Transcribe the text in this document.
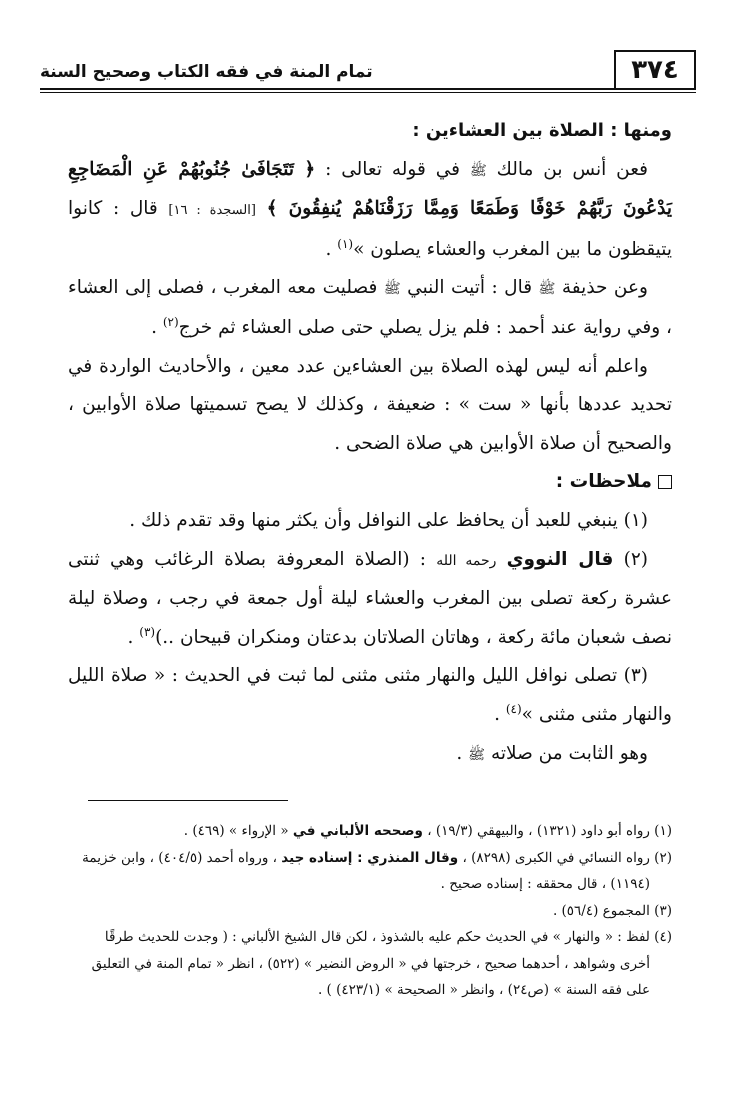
٣٧٤
تمام المنة في فقه الكتاب وصحيح السنة

ومنها : الصلاة بين العشاءين :

فعن أنس بن مالك ﷺ في قوله تعالى : ﴿ تَتَجَافَىٰ جُنُوبُهُمْ عَنِ الْمَضَاجِعِ يَدْعُونَ رَبَّهُمْ خَوْفًا وَطَمَعًا وَمِمَّا رَزَقْنَاهُمْ يُنفِقُونَ ﴾ [السجدة : ١٦] قال : كانوا يتيقظون ما بين المغرب والعشاء يصلون »$^{(١)}$ .

وعن حذيفة ﷺ قال : أتيت النبي ﷺ فصليت معه المغرب ، فصلى إلى العشاء ، وفي رواية عند أحمد : فلم يزل يصلي حتى صلى العشاء ثم خرج$^{(٢)}$ .

واعلم أنه ليس لهذه الصلاة بين العشاءين عدد معين ، والأحاديث الواردة في تحديد عددها بأنها « ست » : ضعيفة ، وكذلك لا يصح تسميتها صلاة الأوابين ، والصحيح أن صلاة الأوابين هي صلاة الضحى .

ملاحظات :

(١) ينبغي للعبد أن يحافظ على النوافل وأن يكثر منها وقد تقدم ذلك .

(٢) قال النووي رحمه الله : (الصلاة المعروفة بصلاة الرغائب وهي ثنتى عشرة ركعة تصلى بين المغرب والعشاء ليلة أول جمعة في رجب ، وصلاة ليلة نصف شعبان مائة ركعة ، وهاتان الصلاتان بدعتان ومنكران قبيحان ..)$^{(٣)}$ .

(٣) تصلى نوافل الليل والنهار مثنى مثنى لما ثبت في الحديث : « صلاة الليل والنهار مثنى مثنى »$^{(٤)}$ .

وهو الثابت من صلاته ﷺ .

(١) رواه أبو داود (١٣٢١) ، والبيهقي (١٩/٣) ، وصححه الألباني في « الإرواء » (٤٦٩) .

(٢) رواه النسائي في الكبرى (٨٢٩٨) ، وقال المنذري : إسناده جيد ، ورواه أحمد (٤٠٤/٥) ، وابن خزيمة

(١١٩٤) ، قال محققه : إسناده صحيح .

(٣) المجموع (٥٦/٤) .

(٤) لفظ : « والنهار » في الحديث حكم عليه بالشذوذ ، لكن قال الشيخ الألباني : ( وجدت للحديث طرقًا

أخرى وشواهد ، أحدهما صحيح ، خرجتها في « الروض النضير » (٥٢٢) ، انظر « تمام المنة في التعليق

على فقه السنة » (ص٢٤) ، وانظر « الصحيحة » (٤٢٣/١) ) .
